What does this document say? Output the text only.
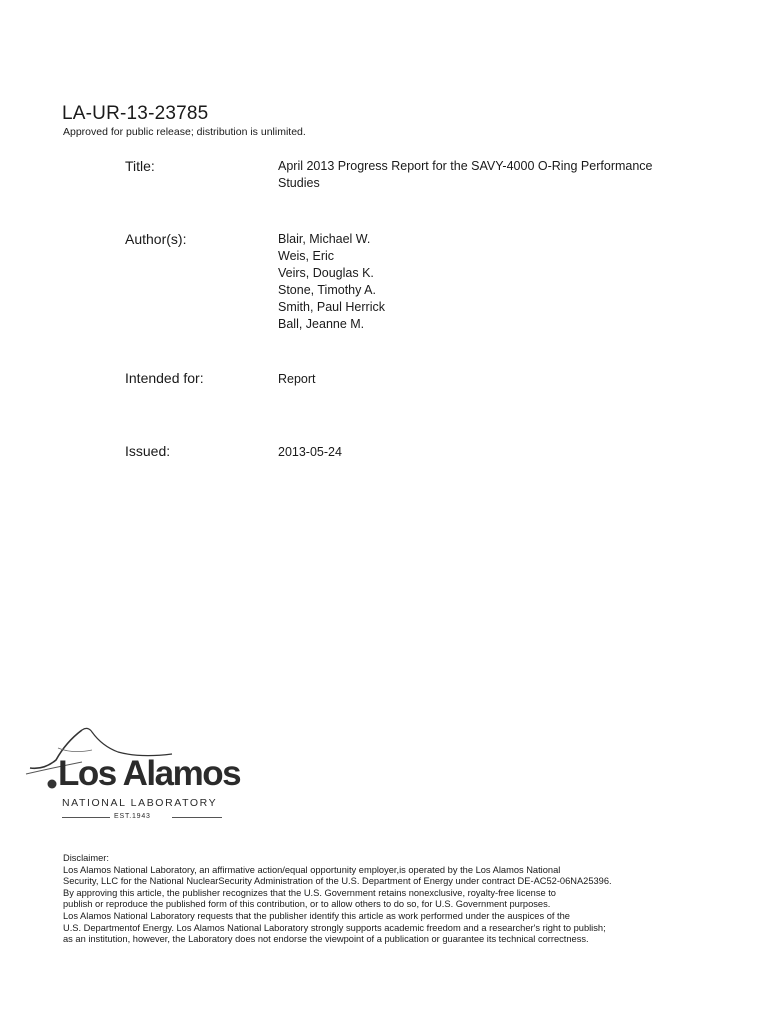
LA-UR-13-23785
Approved for public release; distribution is unlimited.
Title:	April 2013 Progress Report for the SAVY-4000 O-Ring Performance
Studies
Author(s):	Blair, Michael W.
Weis, Eric
Veirs, Douglas K.
Stone, Timothy A.
Smith, Paul Herrick
Ball, Jeanne M.
Intended for:	Report
Issued:	2013-05-24
Los Alamos
NATIONAL LABORATORY
EST.1943
Disclaimer:
Los Alamos National Laboratory, an affirmative action/equal opportunity employer,is operated by the Los Alamos National
Security, LLC for the National NuclearSecurity Administration of the U.S. Department of Energy under contract DE-AC52-06NA25396.
By approving this article, the publisher recognizes that the U.S. Government retains nonexclusive, royalty-free license to
publish or reproduce the published form of this contribution, or to allow others to do so, for U.S. Government purposes.
Los Alamos National Laboratory requests that the publisher identify this article as work performed under the auspices of the
U.S. Departmentof Energy. Los Alamos National Laboratory strongly supports academic freedom and a researcher's right to publish;
as an institution, however, the Laboratory does not endorse the viewpoint of a publication or guarantee its technical correctness.
